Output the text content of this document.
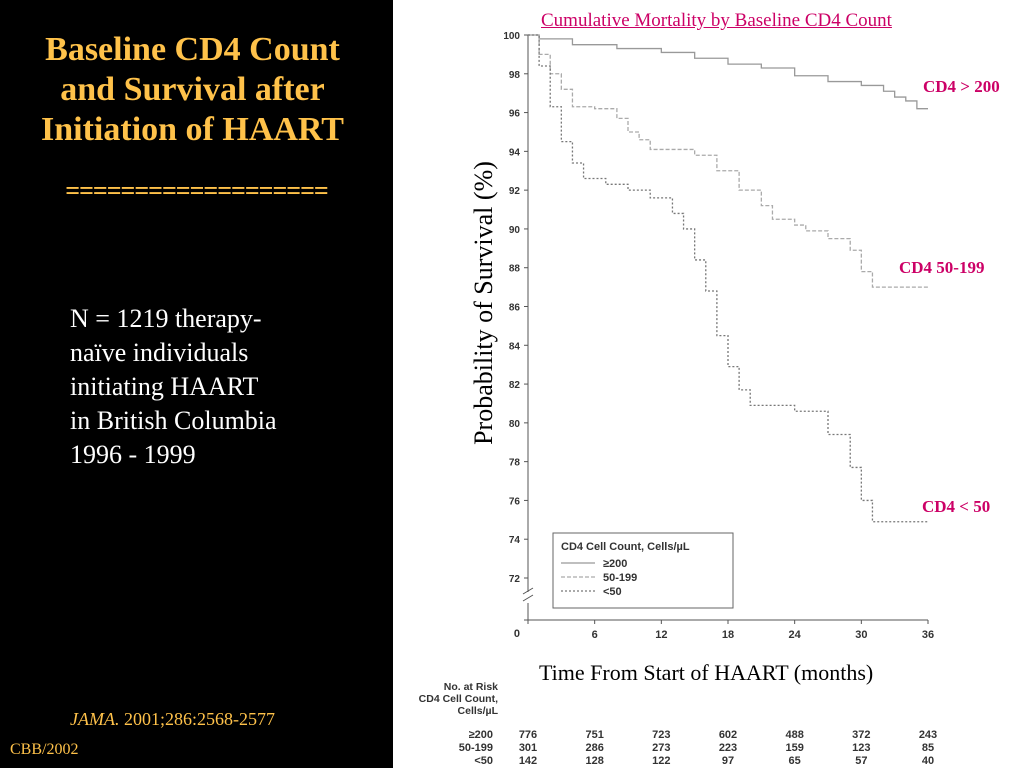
Baseline CD4 Count
and Survival after
Initiation of HAART
===================
N = 1219 therapy-
naïve individuals
initiating HAART
in British Columbia
1996 - 1999
JAMA. 2001;286:2568-2577
CBB/2002
100
98
96
94
92
90
88
86
84
82
80
78
76
74
72
0	6	12	18	24	30	36
CD4 Cell Count, Cells/µL
≥200
50-199
<50
No. at Risk
CD4 Cell Count,
Cells/µL
≥200 776	751	723	602	488	372	243
50-199 301	286	273	223	159	123	85
<50 142	128	122	97	65	57	40
Cumulative Mortality by Baseline CD4 Count
CD4 > 200
CD4 50-199
CD4 < 50
Probability of Survival (%)
Time From Start of HAART (months)
